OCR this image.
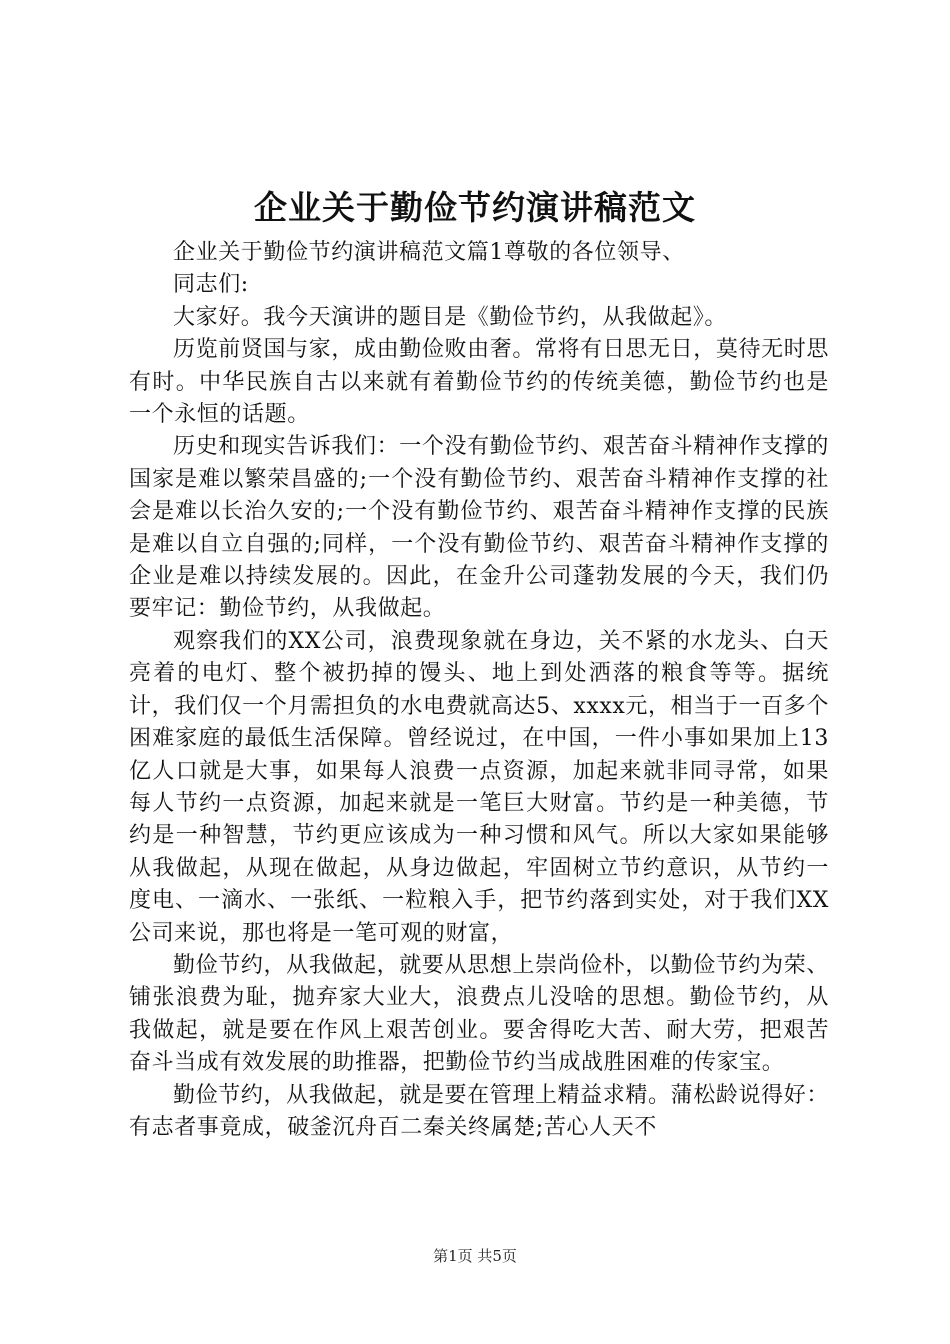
企业关于勤俭节约演讲稿范文

企业关于勤俭节约演讲稿范文篇1尊敬的各位领导、

同志们:

大家好。我今天演讲的题目是《勤俭节约，从我做起》。

历览前贤国与家，成由勤俭败由奢。常将有日思无日，莫待无时思有时。中华民族自古以来就有着勤俭节约的传统美德，勤俭节约也是一个永恒的话题。

历史和现实告诉我们：一个没有勤俭节约、艰苦奋斗精神作支撑的国家是难以繁荣昌盛的;一个没有勤俭节约、艰苦奋斗精神作支撑的社会是难以长治久安的;一个没有勤俭节约、艰苦奋斗精神作支撑的民族是难以自立自强的;同样，一个没有勤俭节约、艰苦奋斗精神作支撑的企业是难以持续发展的。因此，在金升公司蓬勃发展的今天，我们仍要牢记：勤俭节约，从我做起。

观察我们的XX公司，浪费现象就在身边，关不紧的水龙头、白天亮着的电灯、整个被扔掉的馒头、地上到处洒落的粮食等等。据统计，我们仅一个月需担负的水电费就高达5、xxxx元，相当于一百多个困难家庭的最低生活保障。曾经说过，在中国，一件小事如果加上13亿人口就是大事，如果每人浪费一点资源，加起来就非同寻常，如果每人节约一点资源，加起来就是一笔巨大财富。节约是一种美德，节约是一种智慧，节约更应该成为一种习惯和风气。所以大家如果能够从我做起，从现在做起，从身边做起，牢固树立节约意识，从节约一度电、一滴水、一张纸、一粒粮入手，把节约落到实处，对于我们XX公司来说，那也将是一笔可观的财富，

勤俭节约，从我做起，就要从思想上崇尚俭朴，以勤俭节约为荣、铺张浪费为耻，抛弃家大业大，浪费点儿没啥的思想。勤俭节约，从我做起，就是要在作风上艰苦创业。要舍得吃大苦、耐大劳，把艰苦奋斗当成有效发展的助推器，把勤俭节约当成战胜困难的传家宝。

勤俭节约，从我做起，就是要在管理上精益求精。蒲松龄说得好：有志者事竟成，破釜沉舟百二秦关终属楚;苦心人天不

第1页 共5页
